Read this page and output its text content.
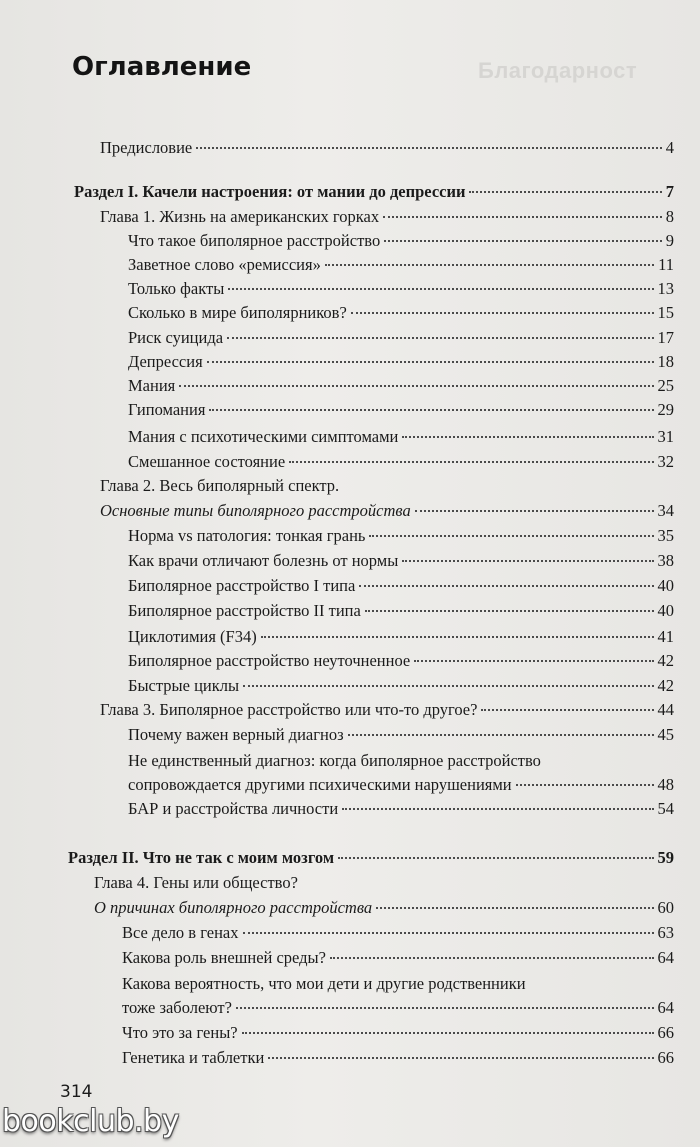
Благодарност
Оглавление
Предисловие	4
Раздел I. Качели настроения: от мании до депрессии	7
Глава 1. Жизнь на американских горках	8
Что такое биполярное расстройство	9
Заветное слово «ремиссия»	11
Только факты	13
Сколько в мире биполярников?	15
Риск суицида	17
Депрессия	18
Мания	25
Гипомания	29
Мания с психотическими симптомами	31
Смешанное состояние	32
Глава 2. Весь биполярный спектр.
Основные типы биполярного расстройства	34
Норма vs патология: тонкая грань	35
Как врачи отличают болезнь от нормы	38
Биполярное расстройство I типа	40
Биполярное расстройство II типа	40
Циклотимия (F34)	41
Биполярное расстройство неуточненное	42
Быстрые циклы	42
Глава 3. Биполярное расстройство или что-то другое?	44
Почему важен верный диагноз	45
Не единственный диагноз: когда биполярное расстройство
сопровождается другими психическими нарушениями	48
БАР и расстройства личности	54
Раздел II. Что не так с моим мозгом	59
Глава 4. Гены или общество?
О причинах биполярного расстройства	60
Все дело в генах	63
Какова роль внешней среды?	64
Какова вероятность, что мои дети и другие родственники
тоже заболеют?	64
Что это за гены?	66
Генетика и таблетки	66
314
bookclub.by
